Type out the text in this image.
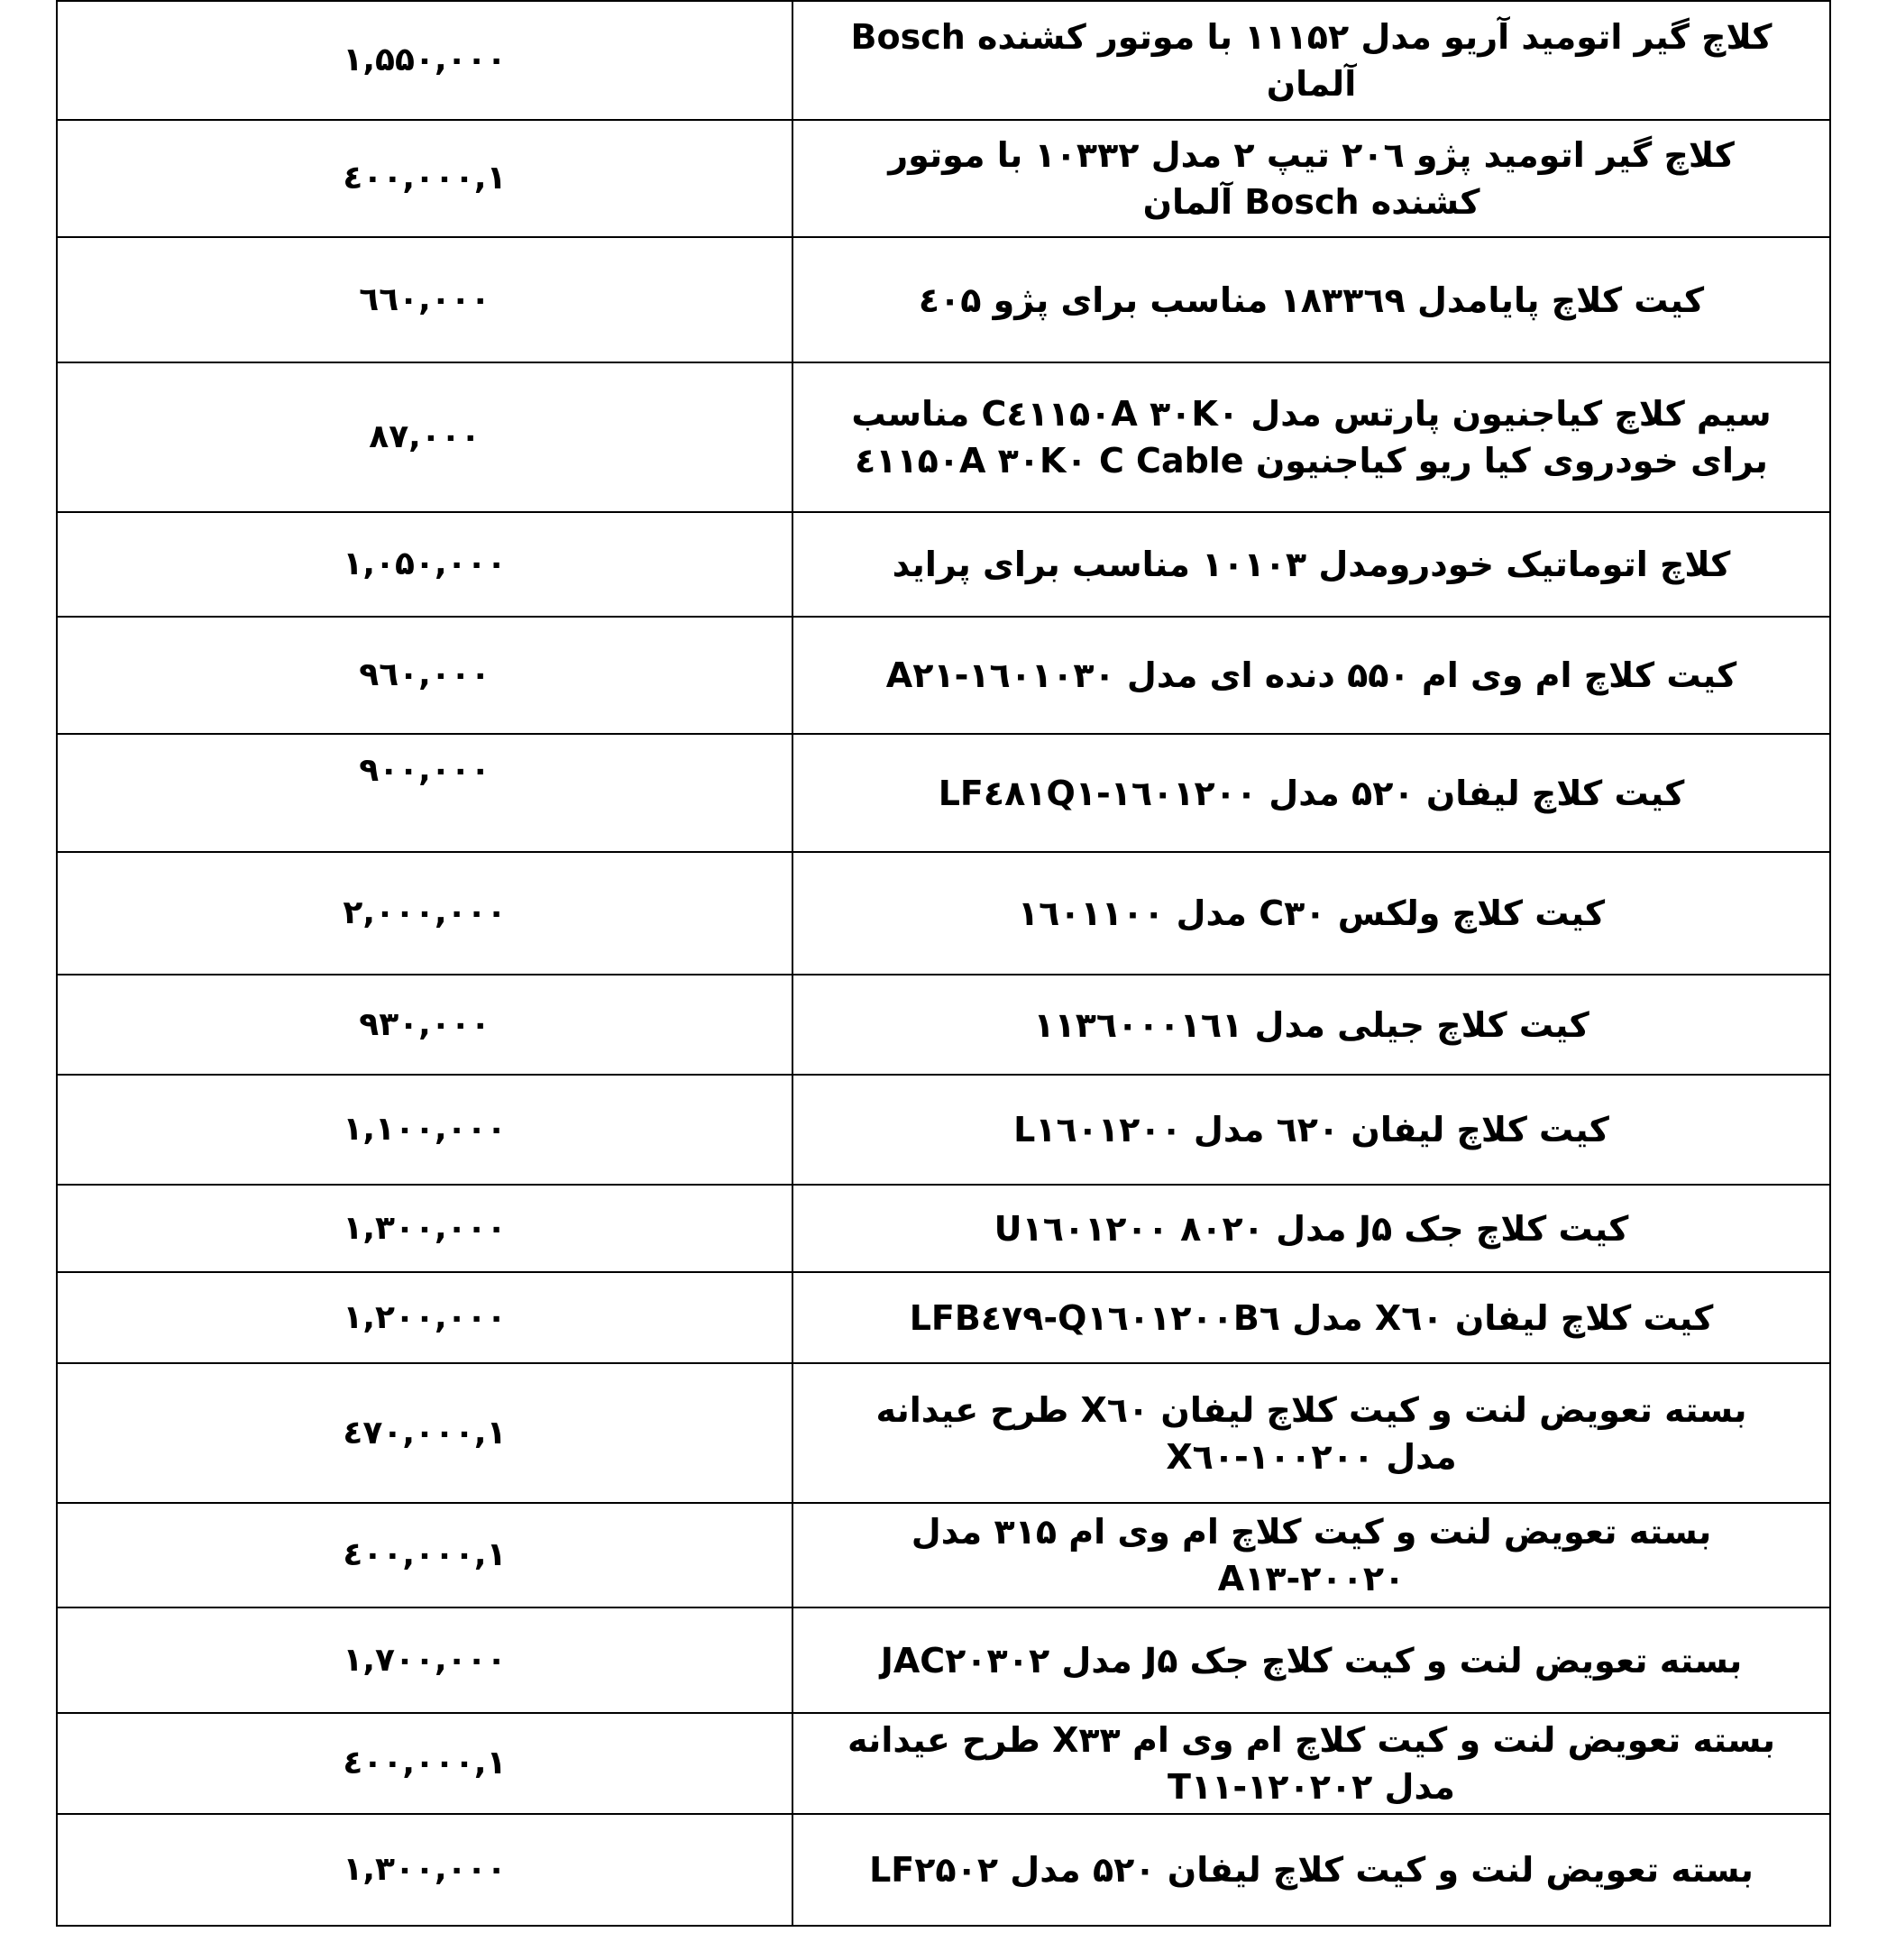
۱,۵۵۰,۰۰۰	کلاچ گیر اتومید آریو مدل ۱۱۱۵۲ با موتور کشنده Bosch آلمان
۱,٤۰۰,۰۰۰	کلاچ گیر اتومید پژو ۲۰٦ تیپ ۲ مدل ۱۰۳۳۲ با موتور کشنده Bosch آلمان
٦٦۰,۰۰۰	کیت کلاچ پایامدل ۱۸۳۳٦۹ مناسب برای پژو ٤۰۵
۸۷,۰۰۰	سیم کلاچ کیاجنیون پارتس مدل C٤۱۱۵۰A ۳۰K۰ مناسب برای خودروی کیا ریو کیاجنیون C Cable ٤۱۱۵۰A ۳۰K۰
۱,۰۵۰,۰۰۰	کلاچ اتوماتیک خودرومدل ۱۰۱۰۳ مناسب برای پراید
۹٦۰,۰۰۰	کیت کلاچ ام وی ام ۵۵۰ دنده ای مدل A۲۱-۱٦۰۱۰۳۰
۹۰۰,۰۰۰	کیت کلاچ لیفان ۵۲۰ مدل LF٤۸۱Q۱-۱٦۰۱۲۰۰
۲,۰۰۰,۰۰۰	کیت کلاچ ولکس C۳۰ مدل ۱٦۰۱۱۰۰
۹۳۰,۰۰۰	کیت کلاچ جیلی مدل ۱۱۳٦۰۰۰۱٦۱
۱,۱۰۰,۰۰۰	کیت کلاچ لیفان ٦۲۰ مدل L۱٦۰۱۲۰۰
۱,۳۰۰,۰۰۰	کیت کلاچ جک J۵ مدل U۱٦۰۱۲۰۰ ۸۰۲۰
۱,۲۰۰,۰۰۰	کیت کلاچ لیفان X٦۰ مدل LFB٤۷۹-Q۱٦۰۱۲۰۰B٦
۱,٤۷۰,۰۰۰	بسته تعویض لنت و کیت کلاچ لیفان X٦۰ طرح عیدانه مدل X٦۰-۱۰۰۲۰۰
۱,٤۰۰,۰۰۰	بسته تعویض لنت و کیت کلاچ ام وی ام ۳۱۵ مدل A۱۳-۲۰۰۲۰
۱,۷۰۰,۰۰۰	بسته تعویض لنت و کیت کلاچ جک J۵ مدل JAC۲۰۳۰۲
۱,٤۰۰,۰۰۰	بسته تعویض لنت و کیت کلاچ ام وی ام X۳۳ طرح عیدانه مدل T۱۱-۱۲۰۲۰۲
۱,۳۰۰,۰۰۰	بسته تعویض لنت و کیت کلاچ لیفان ۵۲۰ مدل LF۲۵۰۲
